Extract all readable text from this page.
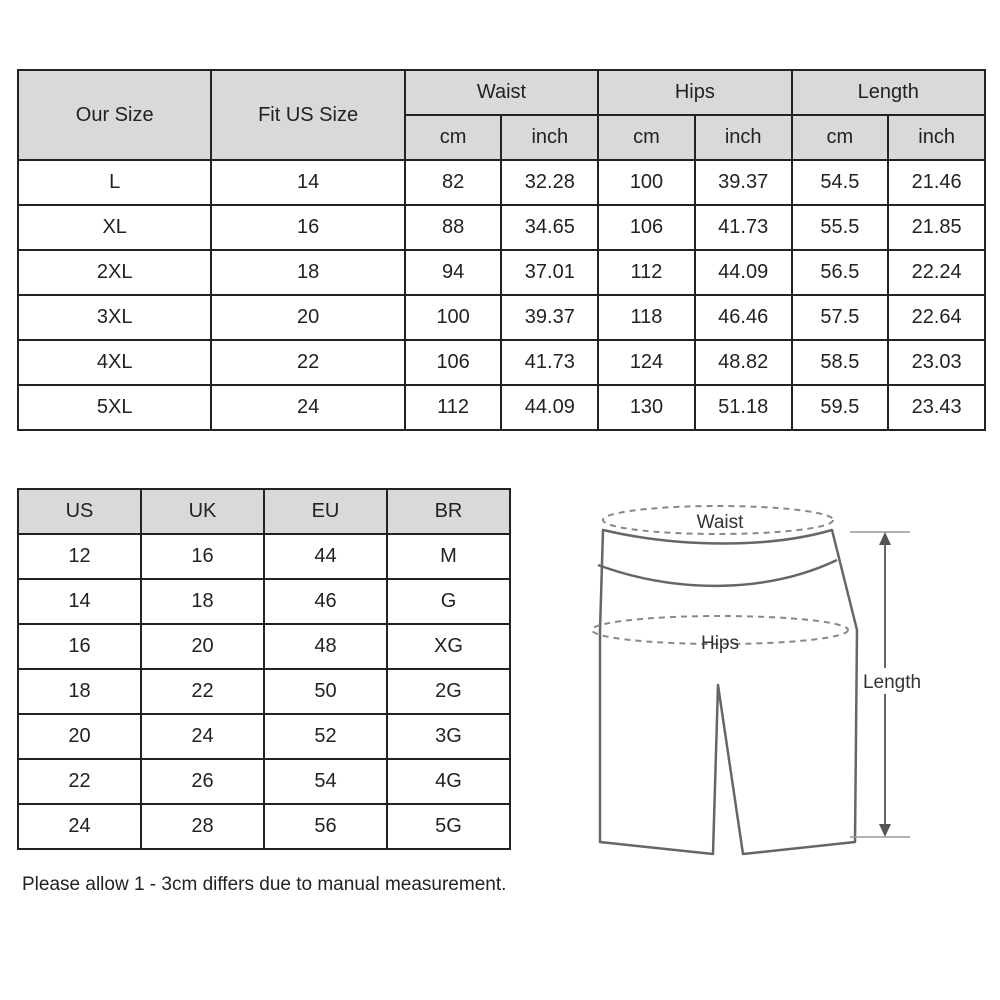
Our Size	Fit US Size	Waist		Hips		Length	
		cm	inch	cm	inch	cm	inch
L	14	82	32.28	100	39.37	54.5	21.46
XL	16	88	34.65	106	41.73	55.5	21.85
2XL	18	94	37.01	112	44.09	56.5	22.24
3XL	20	100	39.37	118	46.46	57.5	22.64
4XL	22	106	41.73	124	48.82	58.5	23.03
5XL	24	112	44.09	130	51.18	59.5	23.43
US	UK	EU	BR
12	16	44	M
14	18	46	G
16	20	48	XG
18	22	50	2G
20	24	52	3G
22	26	54	4G
24	28	56	5G
Waist
Hips
Length
Please allow 1 - 3cm differs due to manual measurement.
